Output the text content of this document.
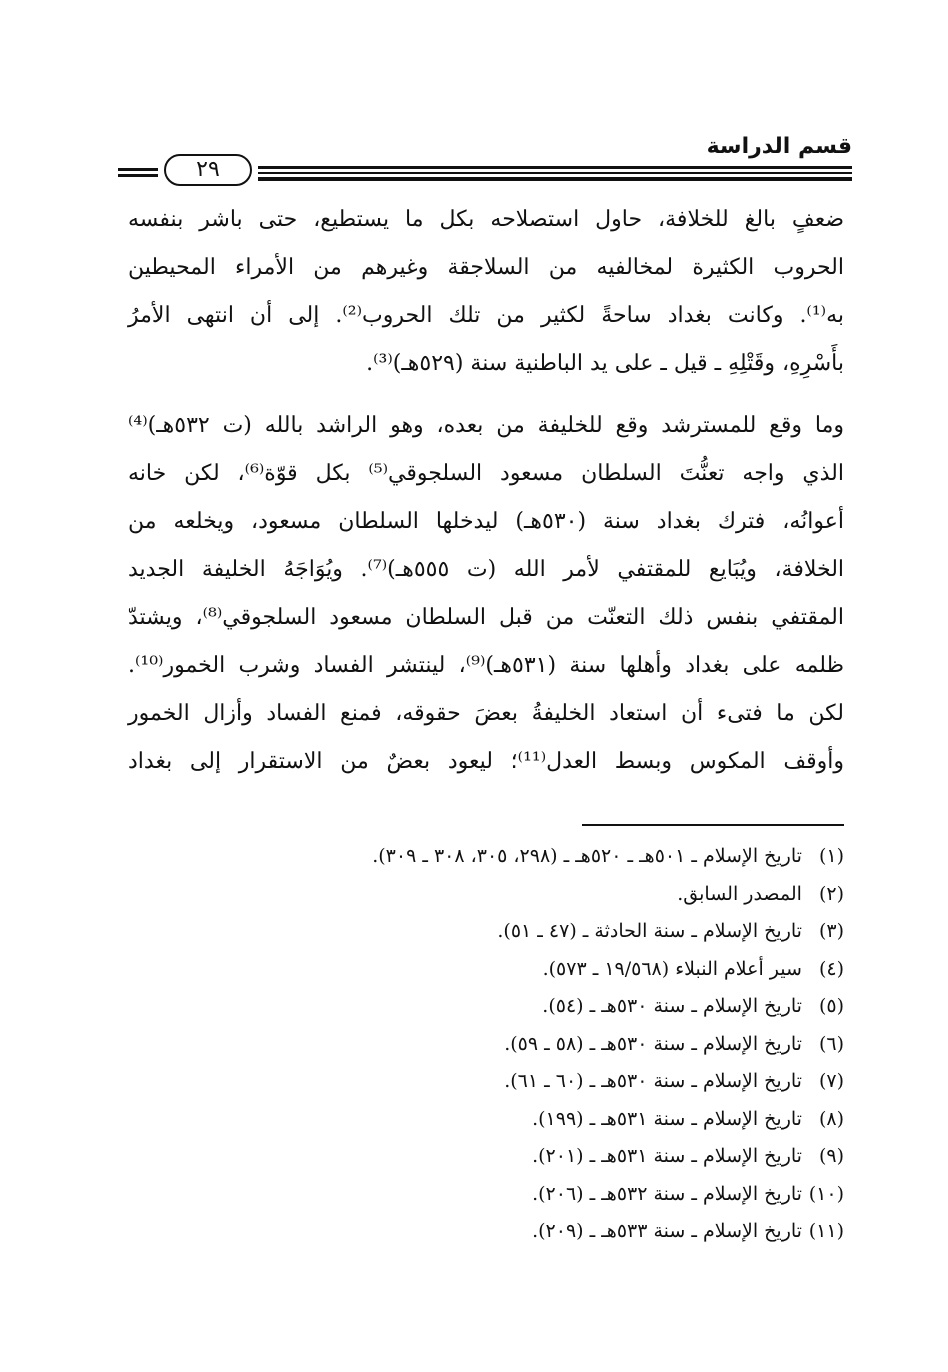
قسم الدراسة
٢٩
ضعفٍ بالغ للخلافة، حاول استصلاحه بكل ما يستطيع، حتى باشر بنفسه
الحروب الكثيرة لمخالفيه من السلاجقة وغيرهم من الأمراء المحيطين
به⁽¹⁾. وكانت بغداد ساحةً لكثير من تلك الحروب⁽²⁾. إلى أن انتهى الأمرُ
بأَسْرِهِ، وقَتْلِهِ ـ قيل ـ على يد الباطنية سنة (٥٢٩هـ)⁽³⁾.
وما وقع للمسترشد وقع للخليفة من بعده، وهو الراشد بالله (ت ٥٣٢هـ)⁽⁴⁾
الذي واجه تعنُّتَ السلطان مسعود السلجوقي⁽⁵⁾ بكل قوّة⁽⁶⁾، لكن خانه
أعوانُه، فترك بغداد سنة (٥٣٠هـ) ليدخلها السلطان مسعود، ويخلعه من
الخلافة، ويُبَايع للمقتفي لأمر الله (ت ٥٥٥هـ)⁽⁷⁾. ويُوَاجَهُ الخليفة الجديد
المقتفي بنفس ذلك التعنّت من قبل السلطان مسعود السلجوقي⁽⁸⁾، ويشتدّ
ظلمه على بغداد وأهلها سنة (٥٣١هـ)⁽⁹⁾، لينتشر الفساد وشرب الخمور⁽¹⁰⁾.
لكن ما فتىء أن استعاد الخليفةُ بعضَ حقوقه، فمنع الفساد وأزال الخمور
وأوقف المكوس وبسط العدل⁽¹¹⁾؛ ليعود بعضٌ من الاستقرار إلى بغداد
(١) تاريخ الإسلام ـ ٥٠١هـ ـ ٥٢٠هـ ـ (٢٩٨، ٣٠٥، ٣٠٨ ـ ٣٠٩).
(٢) المصدر السابق.
(٣) تاريخ الإسلام ـ سنة الحادثة ـ (٤٧ ـ ٥١).
(٤) سير أعلام النبلاء (١٩/٥٦٨ ـ ٥٧٣).
(٥) تاريخ الإسلام ـ سنة ٥٣٠هـ ـ (٥٤).
(٦) تاريخ الإسلام ـ سنة ٥٣٠هـ ـ (٥٨ ـ ٥٩).
(٧) تاريخ الإسلام ـ سنة ٥٣٠هـ ـ (٦٠ ـ ٦١).
(٨) تاريخ الإسلام ـ سنة ٥٣١هـ ـ (١٩٩).
(٩) تاريخ الإسلام ـ سنة ٥٣١هـ ـ (٢٠١).
(١٠) تاريخ الإسلام ـ سنة ٥٣٢هـ ـ (٢٠٦).
(١١) تاريخ الإسلام ـ سنة ٥٣٣هـ ـ (٢٠٩).
